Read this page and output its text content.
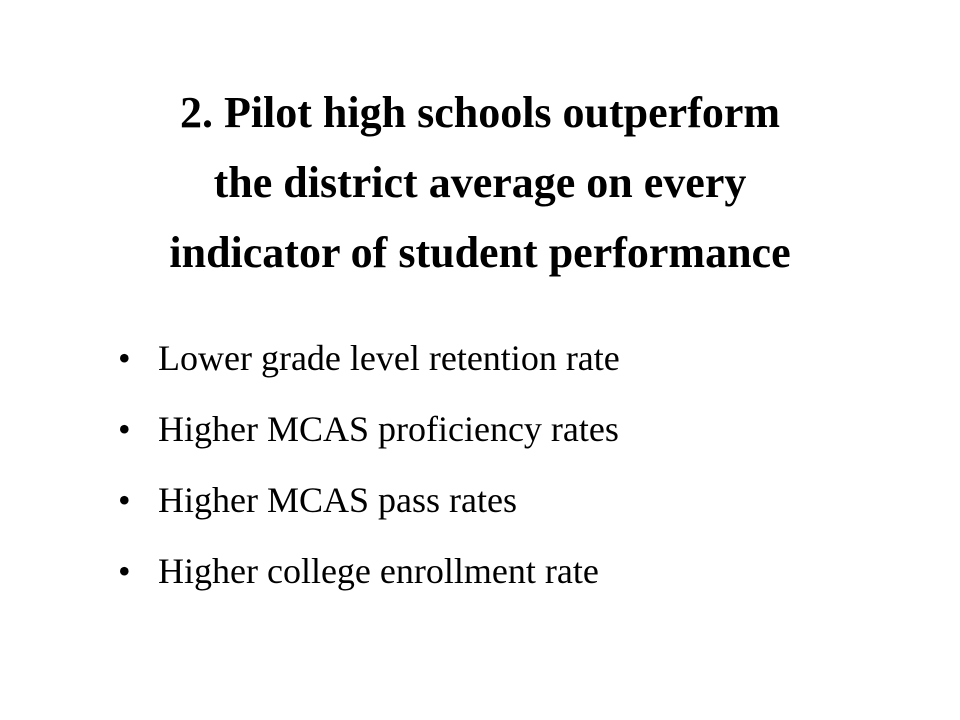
2. Pilot high schools outperform
the district average on every
indicator of student performance
• Lower grade level retention rate
• Higher MCAS proficiency rates
• Higher MCAS pass rates
• Higher college enrollment rate
